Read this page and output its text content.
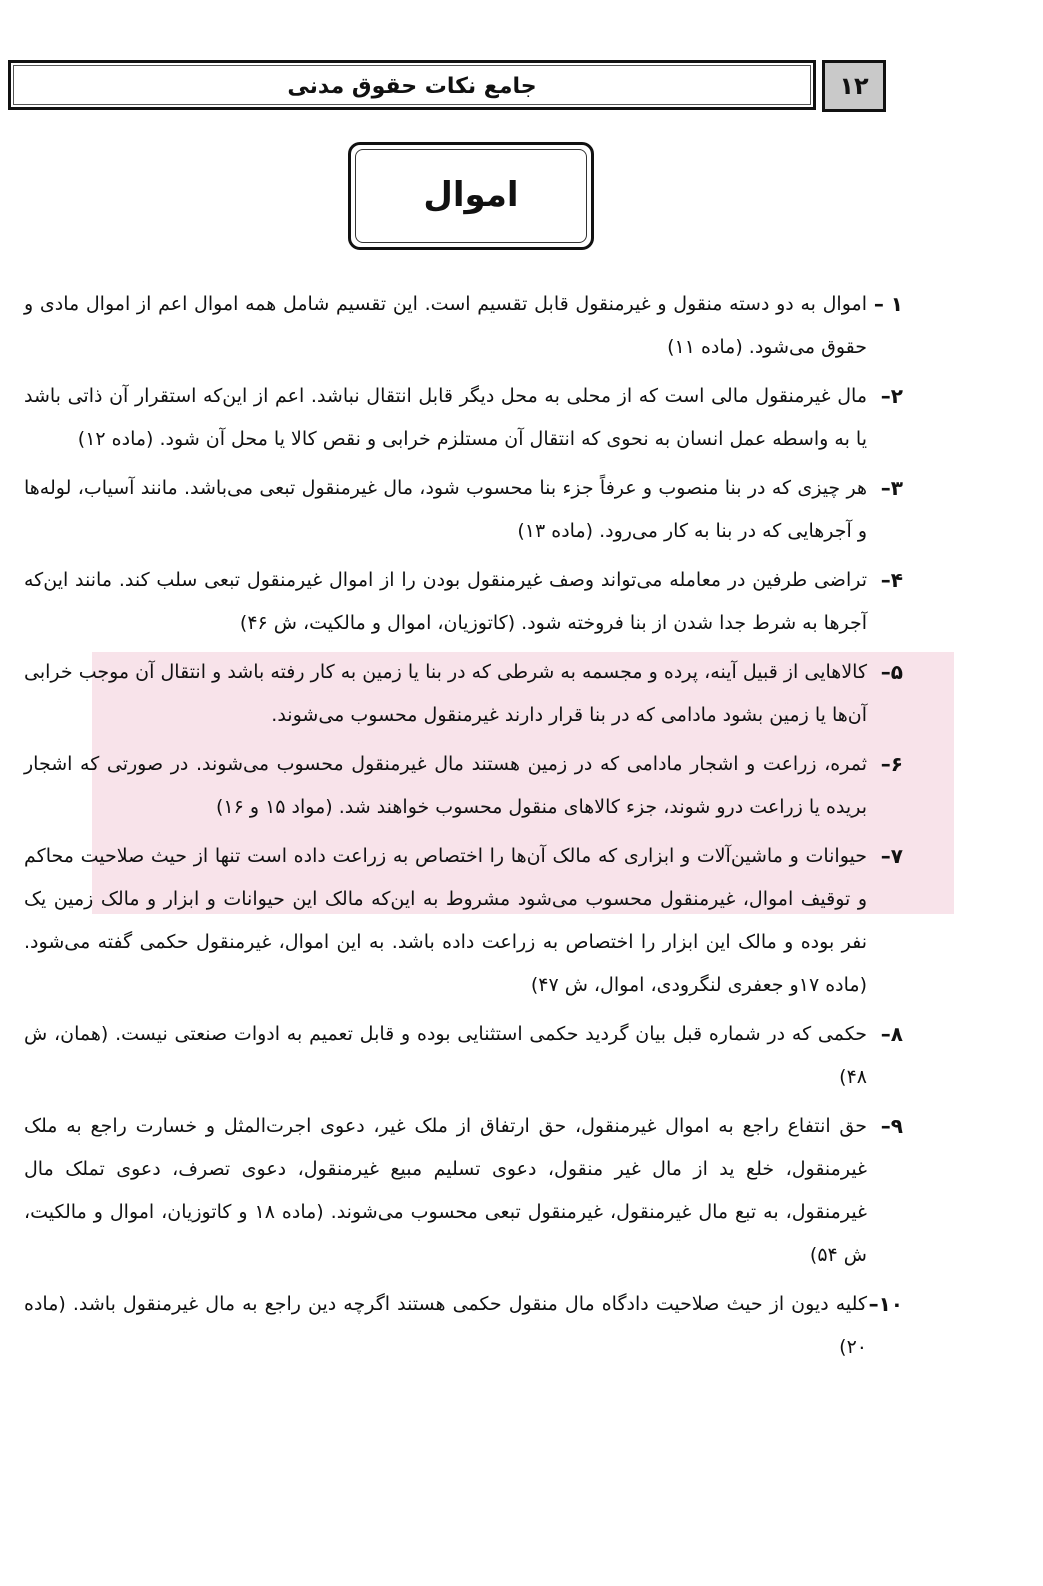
جامع نکات حقوق مدنی	۱۲
اموال
۱ –
اموال به دو دسته منقول و غیرمنقول قابل تقسیم است. این تقسیم شامل همه اموال اعم از اموال مادی و حقوق می‌شود. (ماده ۱۱)
۲–
مال غیرمنقول مالی است که از محلی به محل دیگر قابل انتقال نباشد. اعم از این‌که استقرار آن ذاتی باشد یا به واسطه عمل انسان به نحوی که انتقال آن مستلزم خرابی و نقص کالا یا محل آن شود. (ماده ۱۲)
۳–
هر چیزی که در بنا منصوب و عرفاً جزء بنا محسوب شود، مال غیرمنقول تبعی می‌باشد. مانند آسیاب، لوله‌ها و آجرهایی که در بنا به کار می‌رود. (ماده ۱۳)
۴–
تراضی طرفین در معامله می‌تواند وصف غیرمنقول بودن را از اموال غیرمنقول تبعی سلب کند. مانند این‌که آجرها به شرط جدا شدن از بنا فروخته شود. (کاتوزیان، اموال و مالکیت، ش ۴۶)
۵–
کالاهایی از قبیل آینه، پرده و مجسمه به شرطی که در بنا یا زمین به کار رفته باشد و انتقال آن موجب خرابی آن‌ها یا زمین بشود مادامی که در بنا قرار دارند غیرمنقول محسوب می‌شوند.
۶–
ثمره، زراعت و اشجار مادامی که در زمین هستند مال غیرمنقول محسوب می‌شوند. در صورتی که اشجار بریده یا زراعت درو شوند، جزء کالاهای منقول محسوب خواهند شد. (مواد ۱۵ و ۱۶)
۷–
حیوانات و ماشین‌آلات و ابزاری که مالک آن‌ها را اختصاص به زراعت داده است تنها از حیث صلاحیت محاکم و توقیف اموال، غیرمنقول محسوب می‌شود مشروط به این‌که مالک این حیوانات و ابزار و مالک زمین یک نفر بوده و مالک این ابزار را اختصاص به زراعت داده باشد. به این اموال، غیرمنقول حکمی گفته می‌شود. (ماده ۱۷و جعفری لنگرودی، اموال، ش ۴۷)
۸–
حکمی که در شماره قبل بیان گردید حکمی استثنایی بوده و قابل تعمیم به ادوات صنعتی نیست. (همان، ش ۴۸)
۹–
حق انتفاع راجع به اموال غیرمنقول، حق ارتفاق از ملک غیر، دعوی اجرت‌المثل و خسارت راجع به ملک غیرمنقول، خلع ید از مال غیر منقول، دعوی تسلیم مبیع غیرمنقول، دعوی تصرف، دعوی تملک مال غیرمنقول، به تبع مال غیرمنقول، غیرمنقول تبعی محسوب می‌شوند. (ماده ۱۸ و کاتوزیان، اموال و مالکیت، ش ۵۴)
۱۰–
کلیه دیون از حیث صلاحیت دادگاه مال منقول حکمی هستند اگرچه دین راجع به مال غیرمنقول باشد. (ماده ۲۰)
